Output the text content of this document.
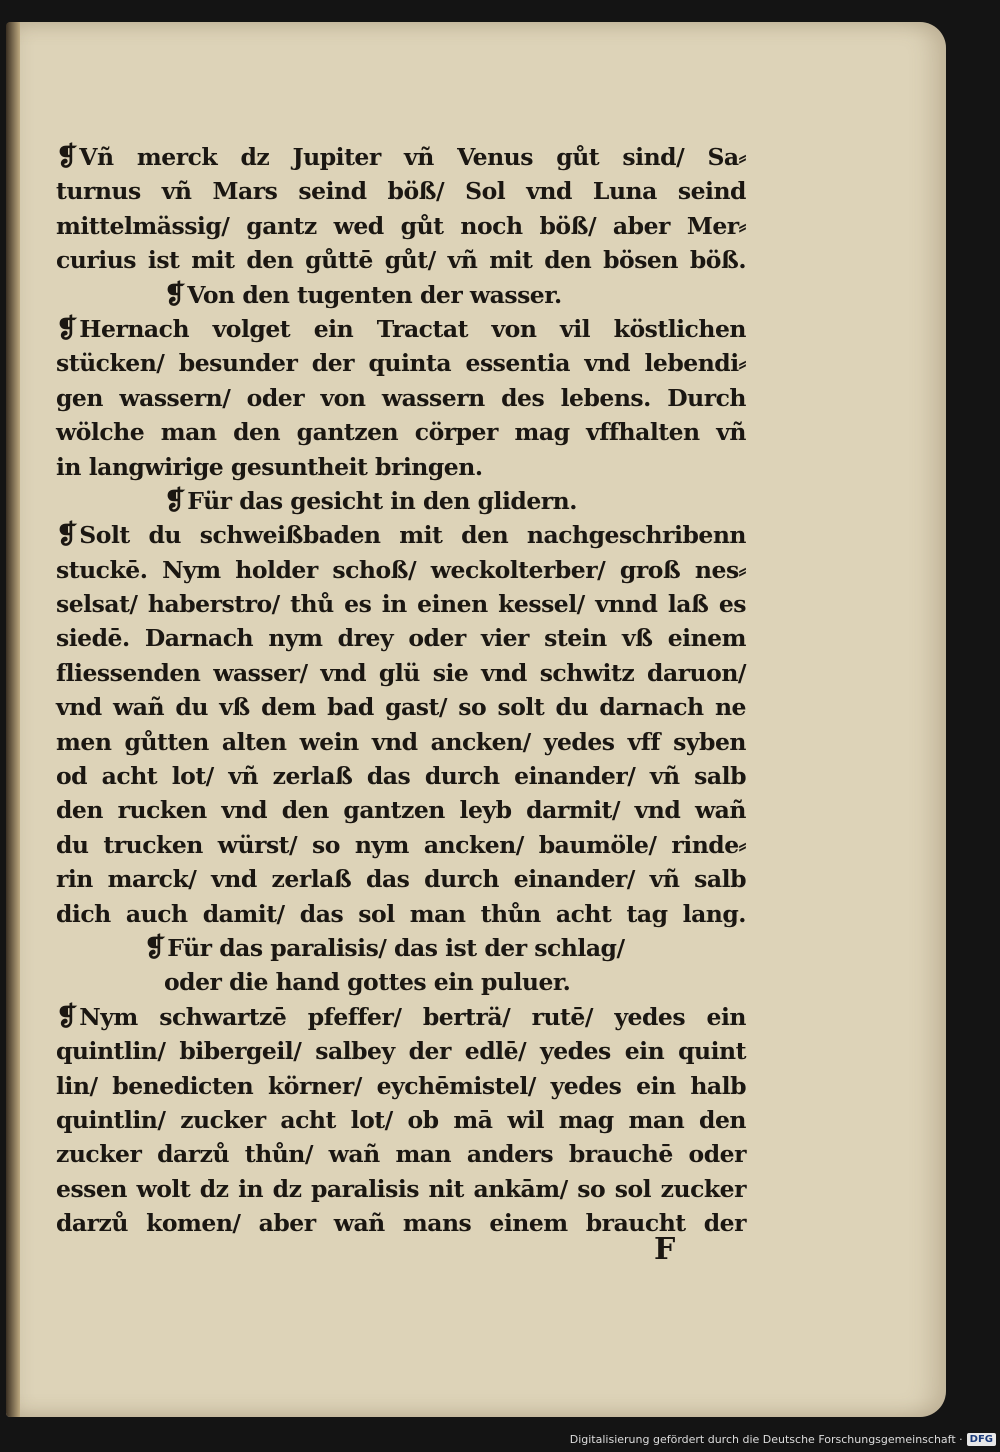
❡Vñ merck dz Jupiter vñ Venus gůt sind/ Sa⸗
turnus vñ Mars seind böß/ Sol vnd Luna seind
mittelmässig/ gantz wed gůt noch böß/ aber Mer⸗
curius ist mit den gůttē gůt/ vñ mit den bösen böß.
❡Von den tugenten der wasser.
❡Hernach volget ein Tractat von vil köstlichen
stücken/ besunder der quinta essentia vnd lebendi⸗
gen wassern/ oder von wassern des lebens. Durch
wölche man den gantzen cörper mag vffhalten vñ
in langwirige gesuntheit bringen.
❡Für das gesicht in den glidern.
❡Solt du schweißbaden mit den nachgeschribenn
stuckē. Nym holder schoß/ weckolterber/ groß nes⸗
selsat/ haberstro/ thů es in einen kessel/ vnnd laß es
siedē. Darnach nym drey oder vier stein vß einem
fliessenden wasser/ vnd glü sie vnd schwitz daruon/
vnd wañ du vß dem bad gast/ so solt du darnach ne
men gůtten alten wein vnd ancken/ yedes vff syben
od acht lot/ vñ zerlaß das durch einander/ vñ salb
den rucken vnd den gantzen leyb darmit/ vnd wañ
du trucken würst/ so nym ancken/ baumöle/ rinde⸗
rin marck/ vnd zerlaß das durch einander/ vñ salb
dich auch damit/ das sol man thůn acht tag lang.
❡Für das paralisis/ das ist der schlag/
oder die hand gottes ein puluer.
❡Nym schwartzē pfeffer/ berträ/ rutē/ yedes ein
quintlin/ bibergeil/ salbey der edlē/ yedes ein quint
lin/ benedicten körner/ eychēmistel/ yedes ein halb
quintlin/ zucker acht lot/ ob mā wil mag man den
zucker darzů thůn/ wañ man anders brauchē oder
essen wolt dz in dz paralisis nit ankām/ so sol zucker
darzů komen/ aber wañ mans einem braucht der
F
Digitalisierung gefördert durch die Deutsche Forschungsgemeinschaft · DFG
